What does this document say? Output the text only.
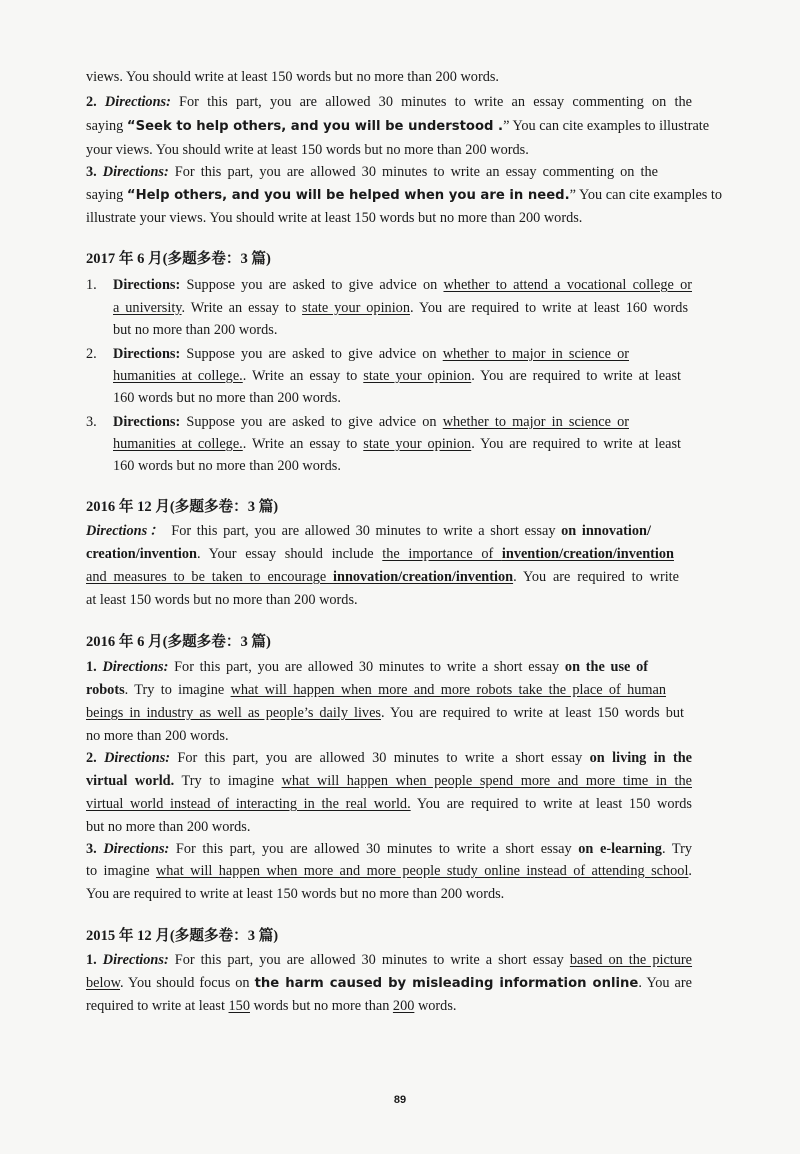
views. You should write at least 150 words but no more than 200 words.
2. Directions: For this part, you are allowed 30 minutes to write an essay commenting on the
saying “Seek to help others, and you will be understood .” You can cite examples to illustrate
your views. You should write at least 150 words but no more than 200 words.
3. Directions: For this part, you are allowed 30 minutes to write an essay commenting on the
saying “Help others, and you will be helped when you are in need.” You can cite examples to
illustrate your views. You should write at least 150 words but no more than 200 words.
2017 年 6 月(多题多卷：3 篇)
1. Directions: Suppose you are asked to give advice on whether to attend a vocational college or
a university. Write an essay to state your opinion. You are required to write at least 160 words
but no more than 200 words.
2. Directions: Suppose you are asked to give advice on whether to major in science or
humanities at college.. Write an essay to state your opinion. You are required to write at least
160 words but no more than 200 words.
3. Directions: Suppose you are asked to give advice on whether to major in science or
humanities at college.. Write an essay to state your opinion. You are required to write at least
160 words but no more than 200 words.
2016 年 12 月(多题多卷：3 篇)
Directions： For this part, you are allowed 30 minutes to write a short essay on innovation/
creation/invention. Your essay should include the importance of invention/creation/invention
and measures to be taken to encourage innovation/creation/invention. You are required to write
at least 150 words but no more than 200 words.
2016 年 6 月(多题多卷：3 篇)
1. Directions: For this part, you are allowed 30 minutes to write a short essay on the use of
robots. Try to imagine what will happen when more and more robots take the place of human
beings in industry as well as people’s daily lives. You are required to write at least 150 words but
no more than 200 words.
2. Directions: For this part, you are allowed 30 minutes to write a short essay on living in the
virtual world. Try to imagine what will happen when people spend more and more time in the
virtual world instead of interacting in the real world. You are required to write at least 150 words
but no more than 200 words.
3. Directions: For this part, you are allowed 30 minutes to write a short essay on e-learning. Try
to imagine what will happen when more and more people study online instead of attending school.
You are required to write at least 150 words but no more than 200 words.
2015 年 12 月(多题多卷：3 篇)
1. Directions: For this part, you are allowed 30 minutes to write a short essay based on the picture
below. You should focus on the harm caused by misleading information online. You are
required to write at least 150 words but no more than 200 words.
89
